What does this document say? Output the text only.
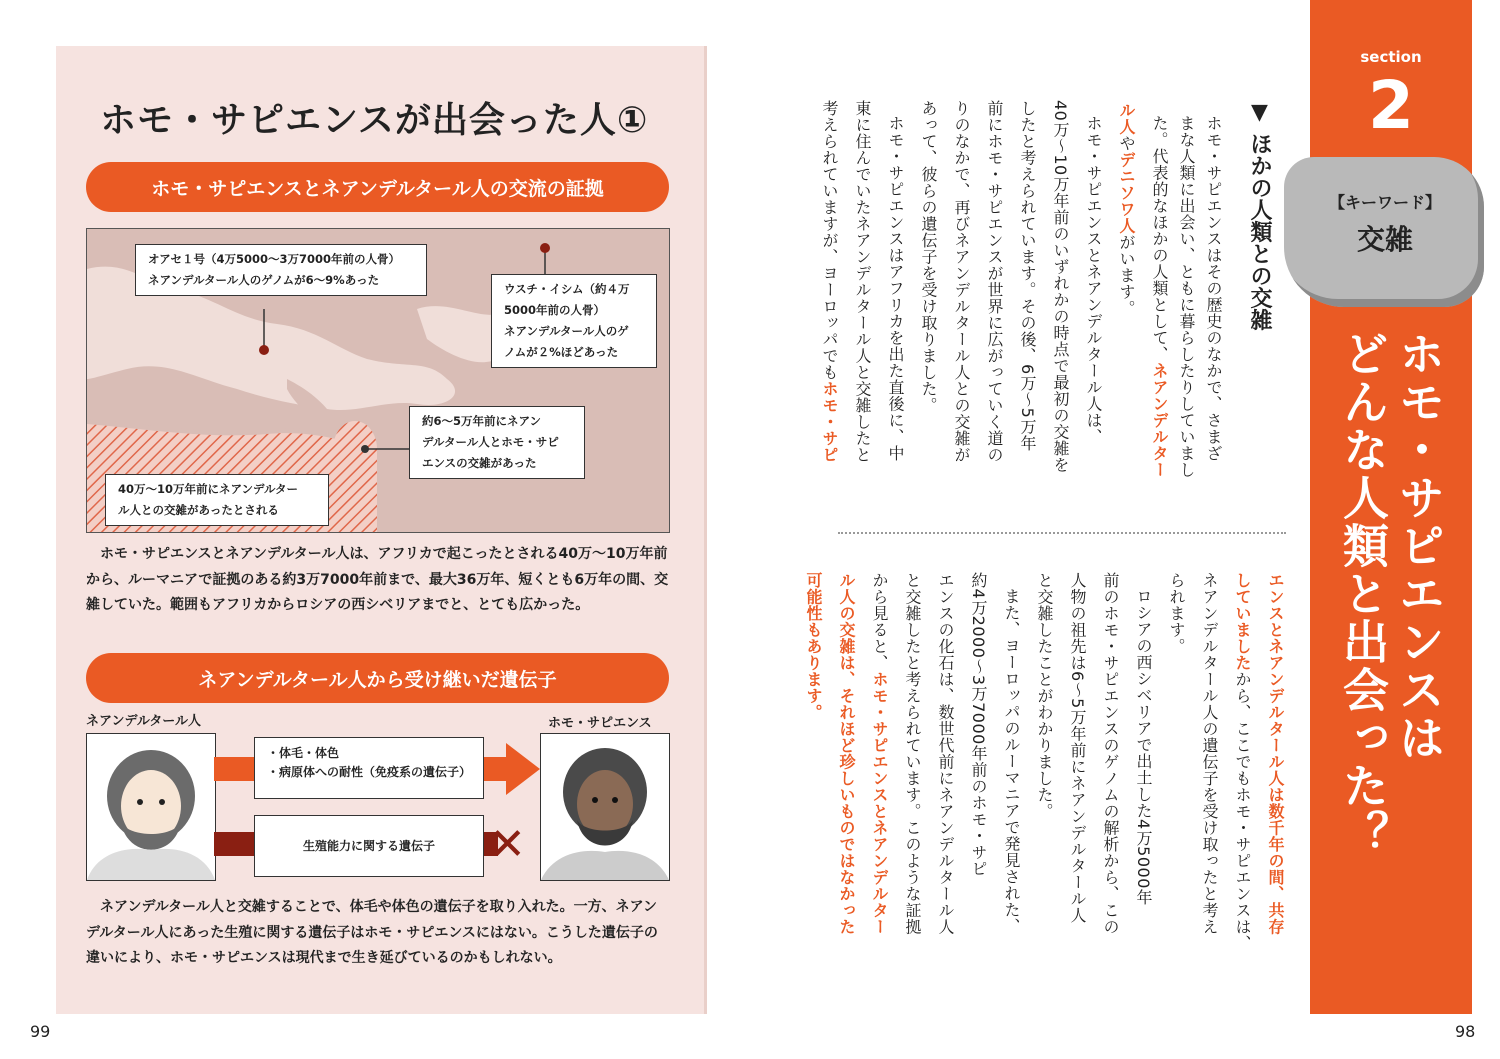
ホモ・サピエンスが出会った人①
ホモ・サピエンスとネアンデルタール人の交流の証拠
オアセ１号（4万5000～3万7000年前の人骨）
ネアンデルタール人のゲノムが6～9%あった
ウスチ・イシム（約４万
5000年前の人骨）
ネアンデルタール人のゲ
ノムが２%ほどあった
約6～5万年前にネアン
デルタール人とホモ・サピ
エンスの交雑があった
40万～10万年前にネアンデルター
ル人との交雑があったとされる
ホモ・サピエンスとネアンデルタール人は、アフリカで起こったとされる40万～10万年前から、ルーマニアで証拠のある約3万7000年前まで、最大36万年、短くとも6万年の間、交雑していた。範囲もアフリカからロシアの西シベリアまでと、とても広かった。
ネアンデルタール人から受け継いだ遺伝子
ネアンデルタール人	ホモ・サピエンス
✕
・体毛・体色
・病原体への耐性（免疫系の遺伝子）
生殖能力に関する遺伝子
ネアンデルタール人と交雑することで、体毛や体色の遺伝子を取り入れた。一方、ネアンデルタール人にあった生殖に関する遺伝子はホモ・サピエンスにはない。こうした遺伝子の違いにより、ホモ・サピエンスは現代まで生き延びているのかもしれない。
99
section
2
【キーワード】
交雑
ホモ・サピエンスは
どんな人類と出会った？
▼ ほかの人類との交雑
ホモ・サピエンスはその歴史のなかで、さまざ
まな人類に出会い、ともに暮らしたりしていまし
た。代表的なほかの人類として、ネアンデルター
ル人やデニソワ人がいます。
ホモ・サピエンスとネアンデルタール人は、
40万～10万年前のいずれかの時点で最初の交雑を
したと考えられています。その後、6万～5万年
前にホモ・サピエンスが世界に広がっていく道の
りのなかで、再びネアンデルタール人との交雑が
あって、彼らの遺伝子を受け取りました。
ホモ・サピエンスはアフリカを出た直後に、中
東に住んでいたネアンデルタール人と交雑したと
考えられていますが、ヨーロッパでもホモ・サピ
エンスとネアンデルタール人は数千年の間、共存
していましたから、ここでもホモ・サピエンスは、
ネアンデルタール人の遺伝子を受け取ったと考え
られます。
ロシアの西シベリアで出土した4万5000年
前のホモ・サピエンスのゲノムの解析から、この
人物の祖先は6～5万年前にネアンデルタール人
と交雑したことがわかりました。
また、ヨーロッパのルーマニアで発見された、
約4万2000～3万7000年前のホモ・サピ
エンスの化石は、数世代前にネアンデルタール人
と交雑したと考えられています。このような証拠
から見ると、ホモ・サピエンスとネアンデルター
ル人の交雑は、それほど珍しいものではなかった
可能性もあります。
98
